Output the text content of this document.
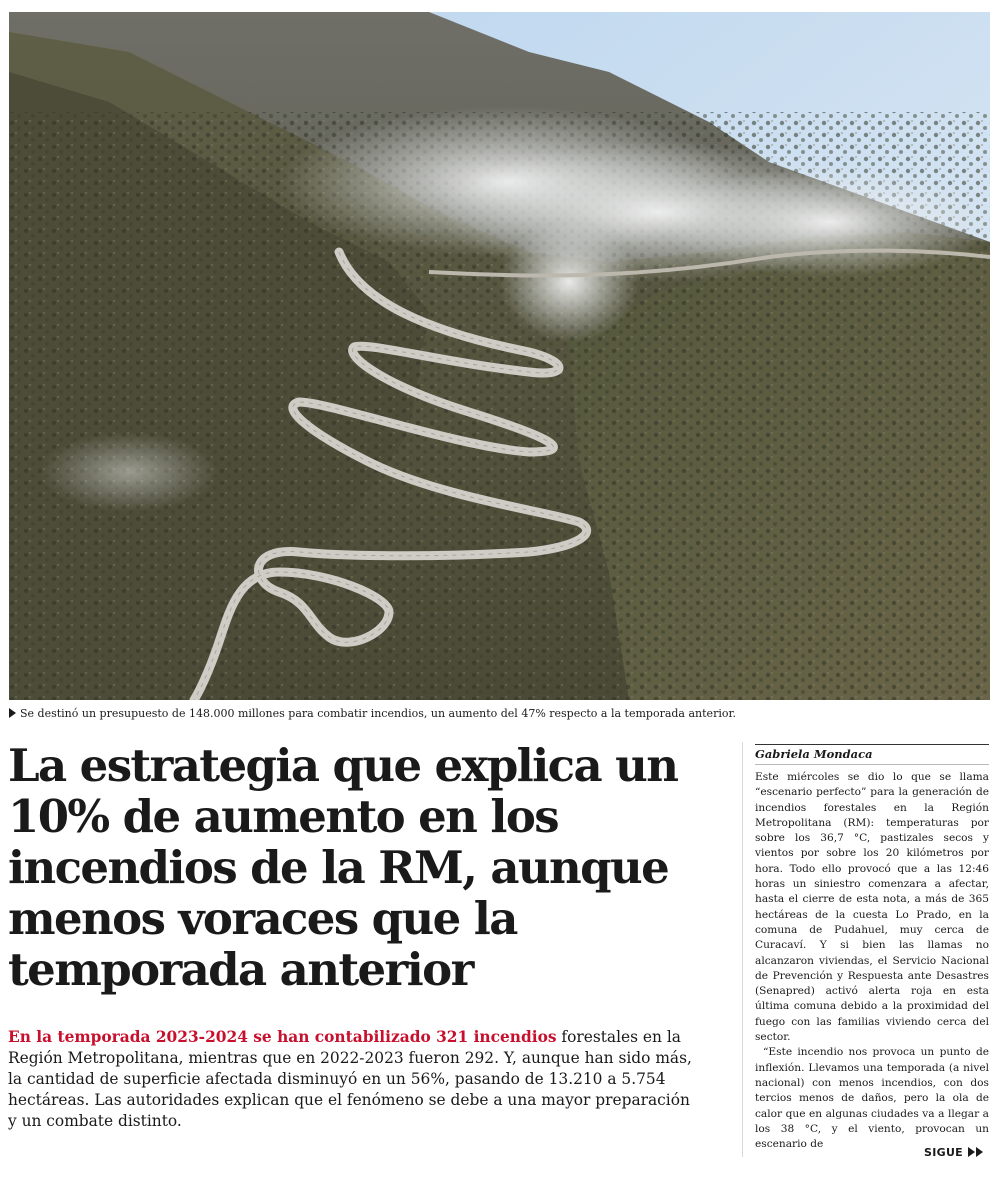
Se destinó un presupuesto de 148.000 millones para combatir incendios, un aumento del 47% respecto a la temporada anterior.
La estrategia que explica un 10% de aumento en los incendios de la RM, aunque menos voraces que la temporada anterior

En la temporada 2023-2024 se han contabilizado 321 incendios forestales en la Región Metropolitana, mientras que en 2022-2023 fueron 292. Y, aunque han sido más, la cantidad de superficie afectada disminuyó en un 56%, pasando de 13.210 a 5.754 hectáreas. Las autoridades explican que el fenómeno se debe a una mayor preparación y un combate distinto.

Gabriela Mondaca

Este miércoles se dio lo que se llama “escenario perfecto” para la generación de incendios forestales en la Región Metropolitana (RM): temperaturas por sobre los 36,7 °C, pastizales secos y vientos por sobre los 20 kilómetros por hora. Todo ello provocó que a las 12:46 horas un siniestro comenzara a afectar, hasta el cierre de esta nota, a más de 365 hectáreas de la cuesta Lo Prado, en la comuna de Pudahuel, muy cerca de Curacaví. Y si bien las llamas no alcanzaron viviendas, el Servicio Nacional de Prevención y Respuesta ante Desastres (Senapred) activó alerta roja en esta última comuna debido a la proximidad del fuego con las familias viviendo cerca del sector.

“Este incendio nos provoca un punto de inflexión. Llevamos una temporada (a nivel nacional) con menos incendios, con dos tercios menos de daños, pero la ola de calor que en algunas ciudades va a llegar a los 38 °C, y el viento, provocan un escenario de

SIGUE
